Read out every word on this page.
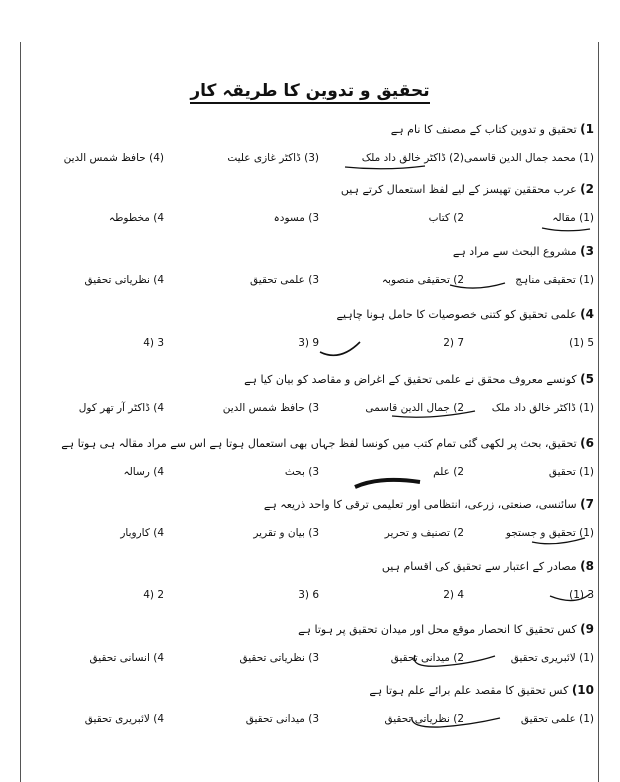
تحقیق و تدوین کا طریقہ کار
1) تحقیق و تدوین کتاب کے مصنف کا نام ہے
(1) محمد جمال الدین قاسمی
(2) ڈاکٹر خالق داد ملک
(3) ڈاکٹر غازی علیت
(4) حافظ شمس الدین
2) عرب محققین تھیسز کے لیے لفظ استعمال کرتے ہیں
(1) مقالہ
2) کتاب
3) مسودہ
4) مخطوطہ
3) مشروع البحث سے مراد ہے
(1) تحقیقی مناہج
2) تحقیقی منصوبہ
3) علمی تحقیق
4) نظریاتی تحقیق
4) علمی تحقیق کو کتنی خصوصیات کا حامل ہونا چاہیے
5 (1)
7 (2
9 (3
3 (4
5) کونسے معروف محقق نے علمی تحقیق کے اغراض و مقاصد کو بیان کیا ہے
(1) ڈاکٹر خالق داد ملک
2) جمال الدین قاسمی
3) حافظ شمس الدین
4) ڈاکٹر آر تھر کول
6) تحقیق، بحث پر لکھی گئی تمام کتب میں کونسا لفظ جہاں بھی استعمال ہوتا ہے اس سے مراد مقالہ ہی ہوتا ہے
(1) تحقیق
2) علم
3) بحث
4) رسالہ
7) سائنسی، صنعتی، زرعی، انتظامی اور تعلیمی ترقی کا واحد ذریعہ ہے
(1) تحقیق و جستجو
2) تصنیف و تحریر
3) بیان و تقریر
4) کاروبار
8) مصادر کے اعتبار سے تحقیق کی اقسام ہیں
3 (1)
4 (2
6 (3
2 (4
9) کس تحقیق کا انحصار موقع محل اور میدان تحقیق پر ہوتا ہے
(1) لائبریری تحقیق
2) میدانی تحقیق
3) نظریاتی تحقیق
4) انسانی تحقیق
10) کس تحقیق کا مقصد علم برائے علم ہوتا ہے
(1) علمی تحقیق
2) نظریاتی تحقیق
3) میدانی تحقیق
4) لائبریری تحقیق
